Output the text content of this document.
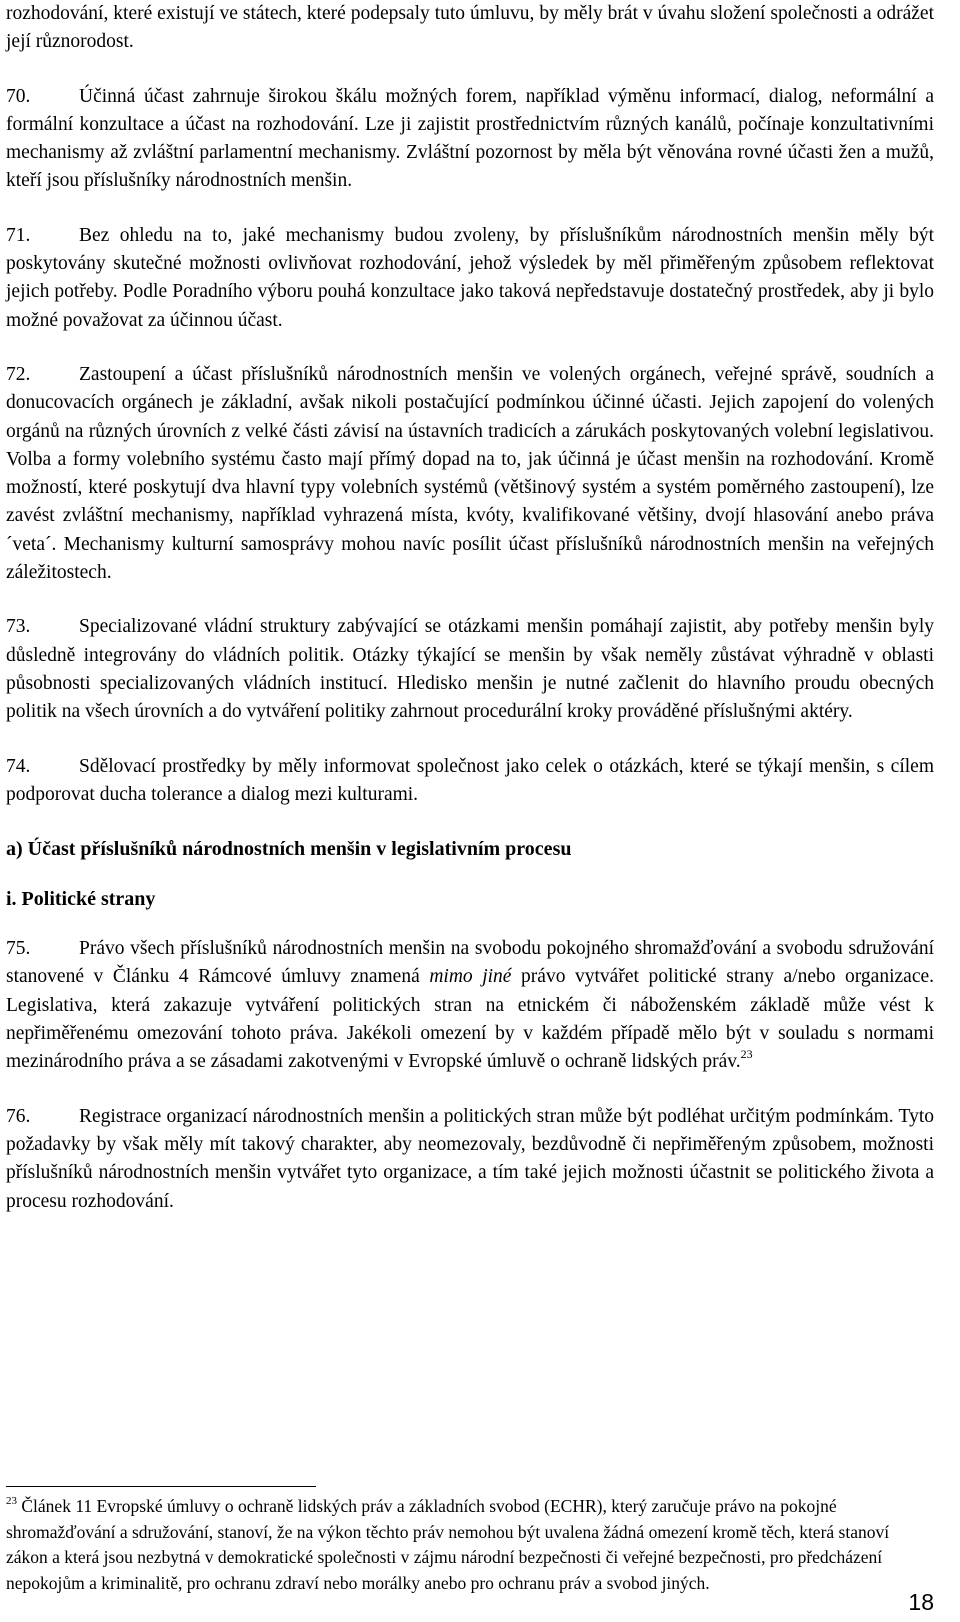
rozhodování, které existují ve státech, které podepsaly tuto úmluvu, by měly brát v úvahu složení společnosti a odrážet její různorodost.

70. Účinná účast zahrnuje širokou škálu možných forem, například výměnu informací, dialog, neformální a formální konzultace a účast na rozhodování. Lze ji zajistit prostřednictvím různých kanálů, počínaje konzultativními mechanismy až zvláštní parlamentní mechanismy. Zvláštní pozornost by měla být věnována rovné účasti žen a mužů, kteří jsou příslušníky národnostních menšin.

71. Bez ohledu na to, jaké mechanismy budou zvoleny, by příslušníkům národnostních menšin měly být poskytovány skutečné možnosti ovlivňovat rozhodování, jehož výsledek by měl přiměřeným způsobem reflektovat jejich potřeby. Podle Poradního výboru pouhá konzultace jako taková nepředstavuje dostatečný prostředek, aby ji bylo možné považovat za účinnou účast.

72. Zastoupení a účast příslušníků národnostních menšin ve volených orgánech, veřejné správě, soudních a donucovacích orgánech je základní, avšak nikoli postačující podmínkou účinné účasti. Jejich zapojení do volených orgánů na různých úrovních z velké části závisí na ústavních tradicích a zárukách poskytovaných volební legislativou. Volba a formy volebního systému často mají přímý dopad na to, jak účinná je účast menšin na rozhodování. Kromě možností, které poskytují dva hlavní typy volebních systémů (většinový systém a systém poměrného zastoupení), lze zavést zvláštní mechanismy, například vyhrazená místa, kvóty, kvalifikované většiny, dvojí hlasování anebo práva ´veta´. Mechanismy kulturní samosprávy mohou navíc posílit účast příslušníků národnostních menšin na veřejných záležitostech.

73. Specializované vládní struktury zabývající se otázkami menšin pomáhají zajistit, aby potřeby menšin byly důsledně integrovány do vládních politik. Otázky týkající se menšin by však neměly zůstávat výhradně v oblasti působnosti specializovaných vládních institucí. Hledisko menšin je nutné začlenit do hlavního proudu obecných politik na všech úrovních a do vytváření politiky zahrnout procedurální kroky prováděné příslušnými aktéry.

74. Sdělovací prostředky by měly informovat společnost jako celek o otázkách, které se týkají menšin, s cílem podporovat ducha tolerance a dialog mezi kulturami.

a) Účast příslušníků národnostních menšin v legislativním procesu
i. Politické strany

75. Právo všech příslušníků národnostních menšin na svobodu pokojného shromažďování a svobodu sdružování stanovené v Článku 4 Rámcové úmluvy znamená mimo jiné právo vytvářet politické strany a/nebo organizace. Legislativa, která zakazuje vytváření politických stran na etnickém či náboženském základě může vést k nepřiměřenému omezování tohoto práva. Jakékoli omezení by v každém případě mělo být v souladu s normami mezinárodního práva a se zásadami zakotvenými v Evropské úmluvě o ochraně lidských práv.$^{23}$

76. Registrace organizací národnostních menšin a politických stran může být podléhat určitým podmínkám. Tyto požadavky by však měly mít takový charakter, aby neomezovaly, bezdůvodně či nepřiměřeným způsobem, možnosti příslušníků národnostních menšin vytvářet tyto organizace, a tím také jejich možnosti účastnit se politického života a procesu rozhodování.

$^{23}$ Článek 11 Evropské úmluvy o ochraně lidských práv a základních svobod (ECHR), který zaručuje právo na pokojné shromažďování a sdružování, stanoví, že na výkon těchto práv nemohou být uvalena žádná omezení kromě těch, která stanoví zákon a která jsou nezbytná v demokratické společnosti v zájmu národní bezpečnosti či veřejné bezpečnosti, pro předcházení nepokojům a kriminalitě, pro ochranu zdraví nebo morálky anebo pro ochranu práv a svobod jiných.
18
